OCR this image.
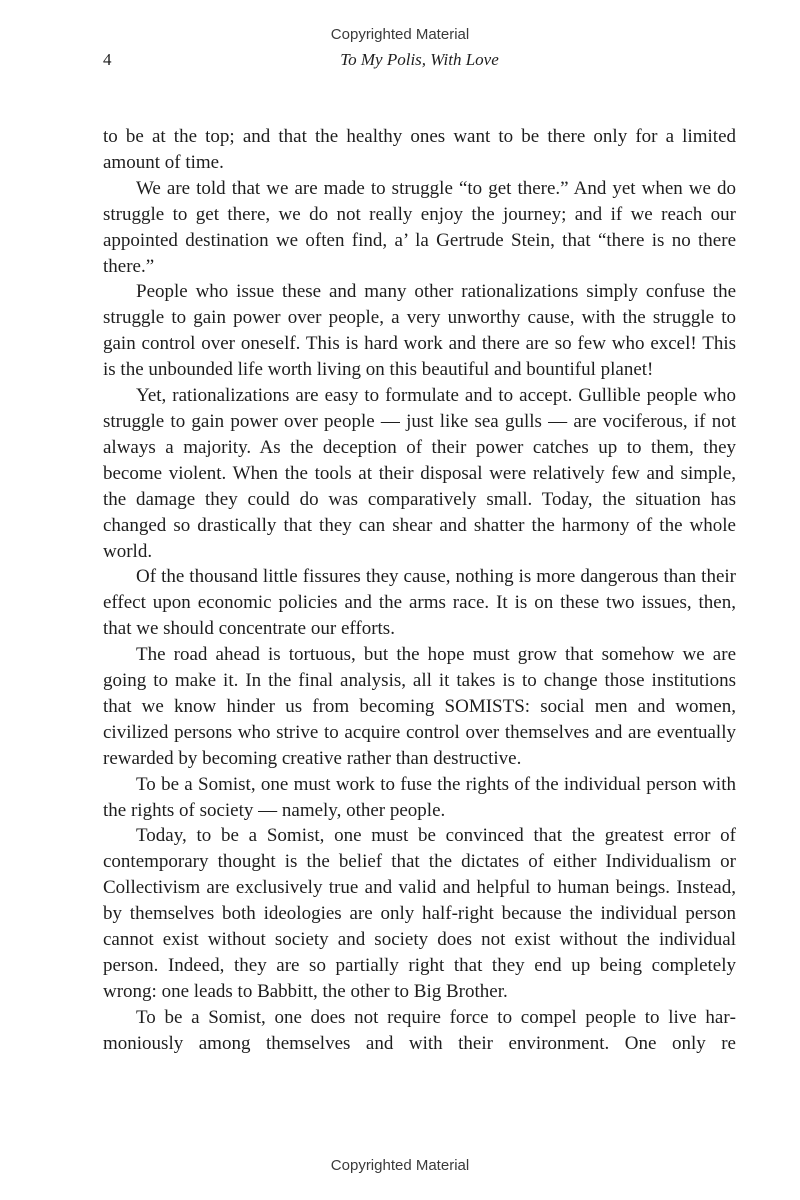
Copyrighted Material
4	To My Polis, With Love

to be at the top; and that the healthy ones want to be there only for a limited amount of time.

We are told that we are made to struggle “to get there.” And yet when we do struggle to get there, we do not really enjoy the journey; and if we reach our appointed destination we often find, a’ la Gertrude Stein, that “there is no there there.”

People who issue these and many other rationalizations simply confuse the struggle to gain power over people, a very unworthy cause, with the struggle to gain control over oneself. This is hard work and there are so few who excel! This is the unbounded life worth living on this beautiful and bountiful planet!

Yet, rationalizations are easy to formulate and to accept. Gullible people who struggle to gain power over people — just like sea gulls — are vociferous, if not always a majority. As the deception of their power catches up to them, they become violent. When the tools at their disposal were relatively few and simple, the damage they could do was comparatively small. Today, the situation has changed so drastically that they can shear and shatter the harmony of the whole world.

Of the thousand little fissures they cause, nothing is more dangerous than their effect upon economic policies and the arms race. It is on these two issues, then, that we should concentrate our efforts.

The road ahead is tortuous, but the hope must grow that somehow we are going to make it. In the final analysis, all it takes is to change those institutions that we know hinder us from becoming SOMISTS: social men and women, civilized persons who strive to acquire control over themselves and are eventually rewarded by becoming creative rather than destructive.

To be a Somist, one must work to fuse the rights of the individual person with the rights of society — namely, other people.

Today, to be a Somist, one must be convinced that the greatest error of contemporary thought is the belief that the dictates of either Individualism or Collectivism are exclusively true and valid and helpful to human beings. Instead, by themselves both ideologies are only half-right because the individual person cannot exist without society and society does not exist without the individual person. Indeed, they are so partially right that they end up being completely wrong: one leads to Babbitt, the other to Big Brother.

To be a Somist, one does not require force to compel people to live harmoniously among themselves and with their environment. One only re

Copyrighted Material
